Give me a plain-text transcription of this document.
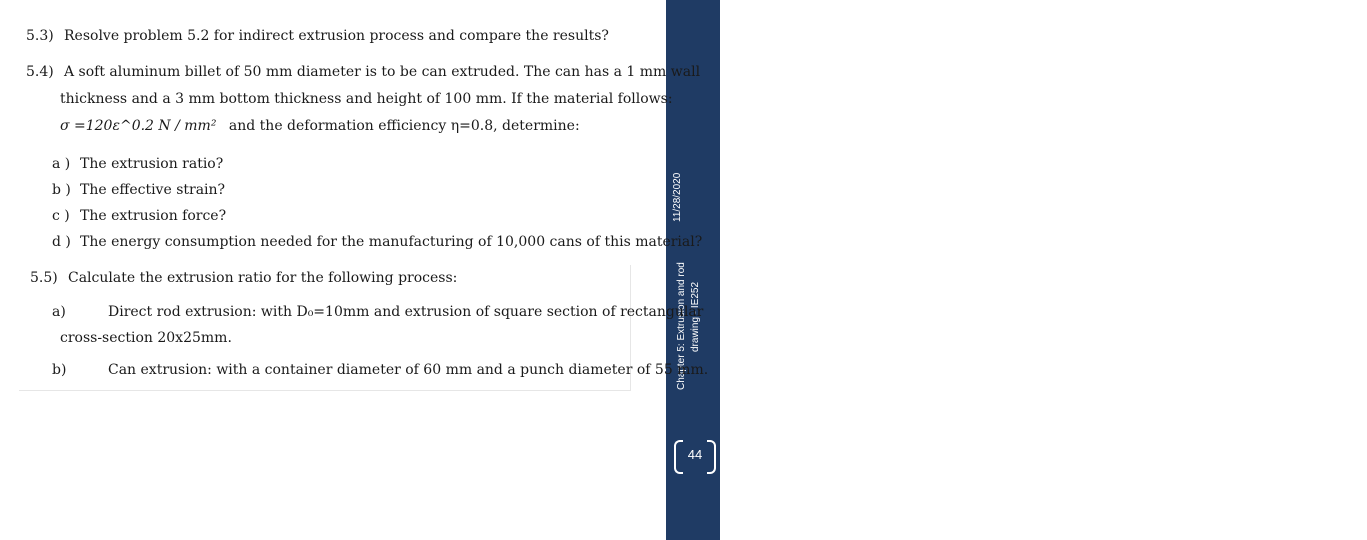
11/28/2020
Chapter 5: Extrusion and rod drawing - IE252
Chapter 5: Extrusion and rod drawing - IE252
11/28/2020
44
5.3) Resolve problem 5.2 for indirect extrusion process and compare the results?
5.4) A soft aluminum billet of 50 mm diameter is to be can extruded. The can has a 1 mm wall
thickness and a 3 mm bottom thickness and height of 100 mm. If the material follows:
σ =120ε^0.2 N / mm² and the deformation efficiency η=0.8, determine:
a ) The extrusion ratio?
b ) The effective strain?
c ) The extrusion force?
d ) The energy consumption needed for the manufacturing of 10,000 cans of this material?
5.5) Calculate the extrusion ratio for the following process:
a)	Direct rod extrusion: with D₀=10mm and extrusion of square section of rectangular
cross-section 20x25mm.
b)	Can extrusion: with a container diameter of 60 mm and a punch diameter of 55 mm.
